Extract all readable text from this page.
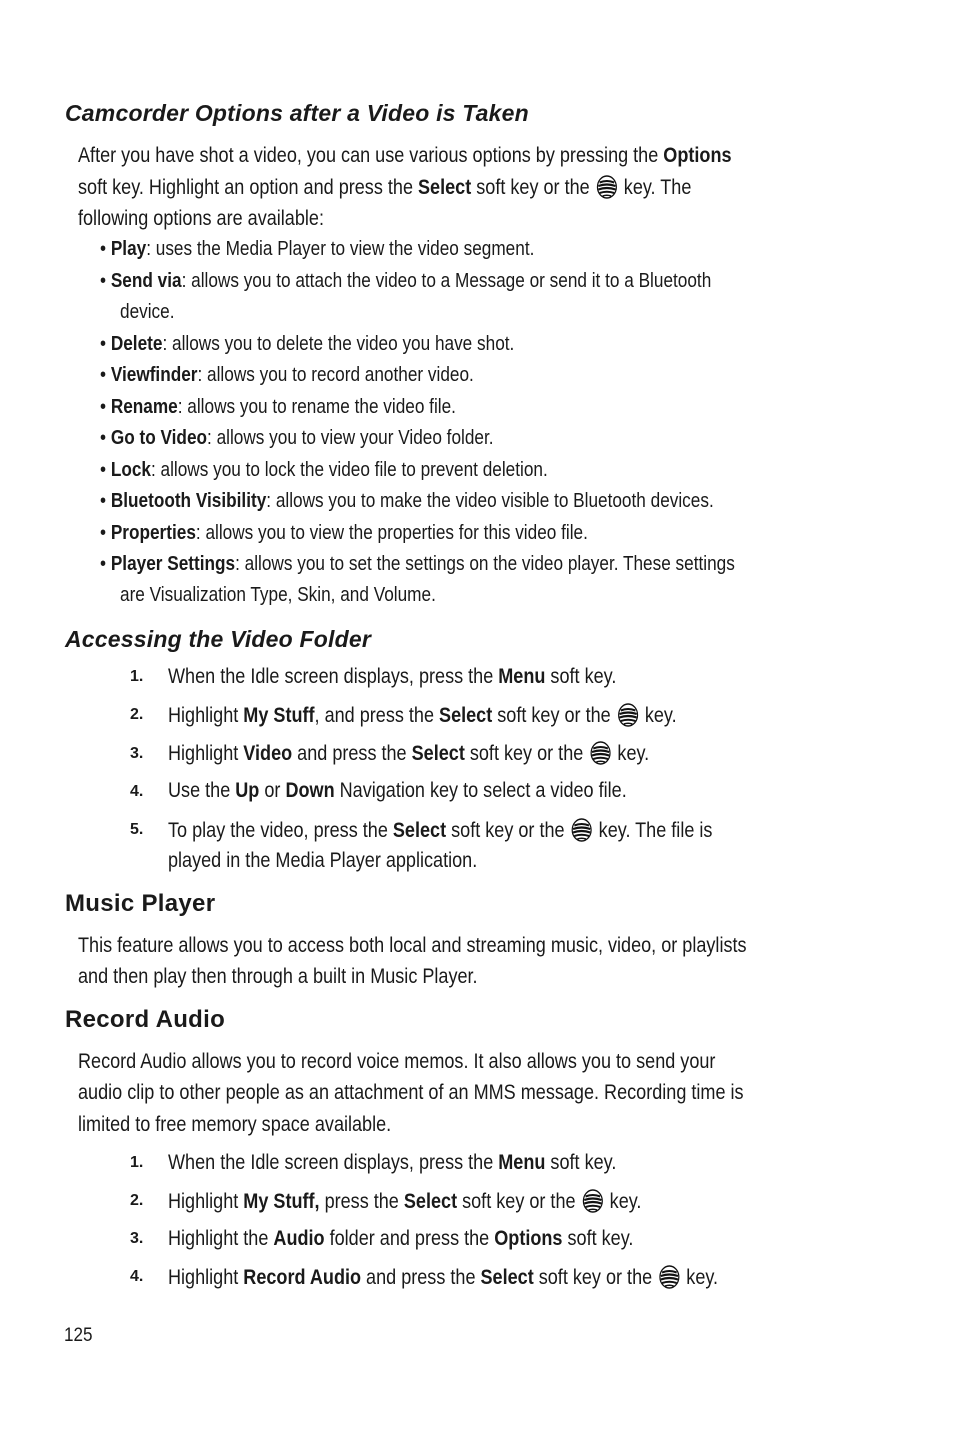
Camcorder Options after a Video is Taken
After you have shot a video, you can use various options by pressing the Options
soft key. Highlight an option and press the Select soft key or the
key. The
following options are available:
• Play: uses the Media Player to view the video segment.
• Send via: allows you to attach the video to a Message or send it to a Bluetooth
device.
• Delete: allows you to delete the video you have shot.
• Viewfinder: allows you to record another video.
• Rename: allows you to rename the video file.
• Go to Video: allows you to view your Video folder.
• Lock: allows you to lock the video file to prevent deletion.
• Bluetooth Visibility: allows you to make the video visible to Bluetooth devices.
• Properties: allows you to view the properties for this video file.
• Player Settings: allows you to set the settings on the video player. These settings
are Visualization Type, Skin, and Volume.
Accessing the Video Folder
1. When the Idle screen displays, press the Menu soft key.
2. Highlight My Stuff, and press the Select soft key or the
key.
3. Highlight Video and press the Select soft key or the
key.
4. Use the Up or Down Navigation key to select a video file.
5. To play the video, press the Select soft key or the
key. The file is
played in the Media Player application.
Music Player
This feature allows you to access both local and streaming music, video, or playlists
and then play then through a built in Music Player.
Record Audio
Record Audio allows you to record voice memos. It also allows you to send your
audio clip to other people as an attachment of an MMS message. Recording time is
limited to free memory space available.
1. When the Idle screen displays, press the Menu soft key.
2. Highlight My Stuff, press the Select soft key or the
key.
3. Highlight the Audio folder and press the Options soft key.
4. Highlight Record Audio and press the Select soft key or the
key.
125
